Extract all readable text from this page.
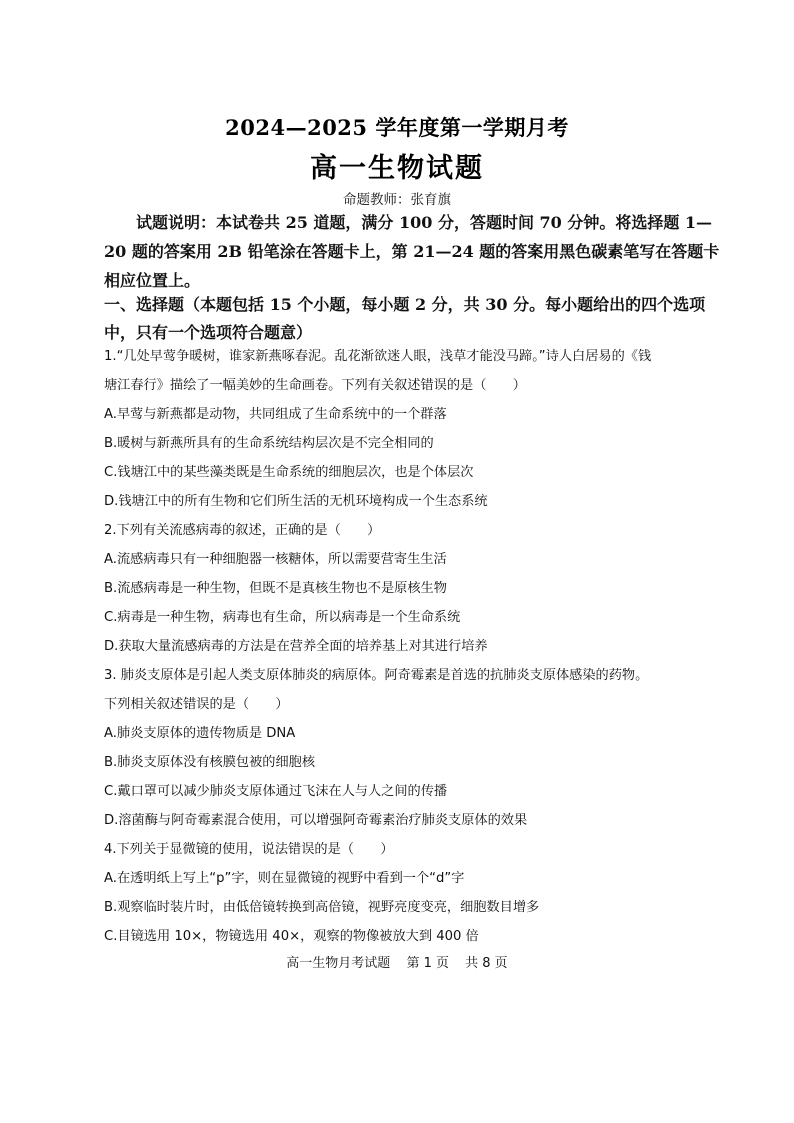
2024—2025 学年度第一学期月考
高一生物试题
命题教师：张育旗

试题说明：本试卷共 25 道题，满分 100 分，答题时间 70 分钟。将选择题 1—

20 题的答案用 2B 铅笔涂在答题卡上，第 21—24 题的答案用黑色碳素笔写在答题卡

相应位置上。

一、选择题（本题包括 15 个小题，每小题 2 分，共 30 分。每小题给出的四个选项

中，只有一个选项符合题意）

1.“几处早莺争暖树，谁家新燕啄春泥。乱花渐欲迷人眼，浅草才能没马蹄。”诗人白居易的《钱
塘江春行》描绘了一幅美妙的生命画卷。下列有关叙述错误的是（　　）
A.早莺与新燕都是动物，共同组成了生命系统中的一个群落
B.暖树与新燕所具有的生命系统结构层次是不完全相同的
C.钱塘江中的某些藻类既是生命系统的细胞层次，也是个体层次
D.钱塘江中的所有生物和它们所生活的无机环境构成一个生态系统
2.下列有关流感病毒的叙述，正确的是（　　）
A.流感病毒只有一种细胞器一核糖体，所以需要营寄生生活
B.流感病毒是一种生物，但既不是真核生物也不是原核生物
C.病毒是一种生物，病毒也有生命，所以病毒是一个生命系统
D.获取大量流感病毒的方法是在营养全面的培养基上对其进行培养
3. 肺炎支原体是引起人类支原体肺炎的病原体。阿奇霉素是首选的抗肺炎支原体感染的药物。
下列相关叙述错误的是（　　）
A.肺炎支原体的遗传物质是 DNA
B.肺炎支原体没有核膜包被的细胞核
C.戴口罩可以减少肺炎支原体通过飞沫在人与人之间的传播
D.溶菌酶与阿奇霉素混合使用，可以增强阿奇霉素治疗肺炎支原体的效果
4.下列关于显微镜的使用，说法错误的是（　　）
A.在透明纸上写上“p”字，则在显微镜的视野中看到一个“d”字
B.观察临时装片时，由低倍镜转换到高倍镜，视野亮度变亮，细胞数目增多
C.目镜选用 10×，物镜选用 40×，观察的物像被放大到 400 倍
高一生物月考试题 第 1 页 共 8 页
